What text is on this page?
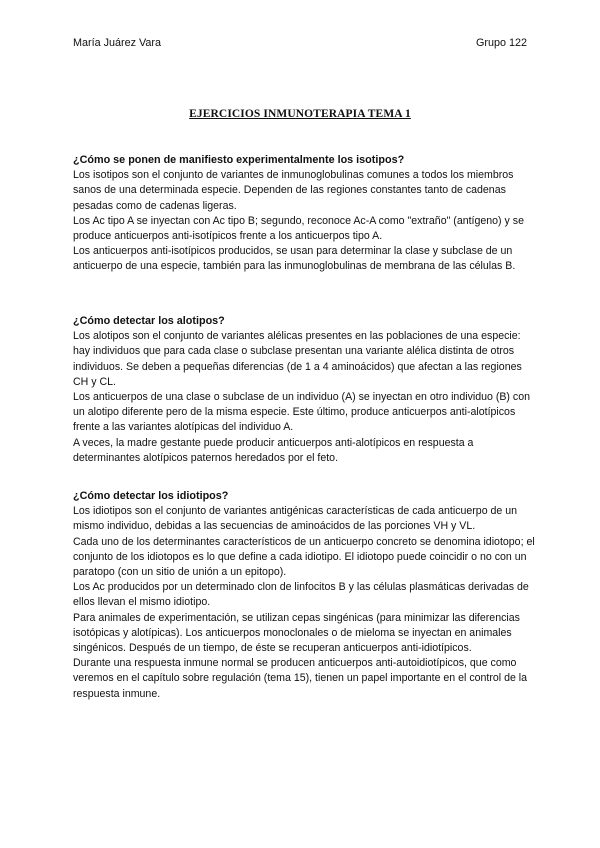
María Juárez Vara	Grupo 122
EJERCICIOS INMUNOTERAPIA TEMA 1

¿Cómo se ponen de manifiesto experimentalmente los isotipos?

Los isotipos son el conjunto de variantes de inmunoglobulinas comunes a todos los miembros sanos de una determinada especie. Dependen de las regiones constantes tanto de cadenas pesadas como de cadenas ligeras.

Los Ac tipo A se inyectan con Ac tipo B; segundo, reconoce Ac-A como "extraño" (antígeno) y se produce anticuerpos anti-isotípicos frente a los anticuerpos tipo A.

Los anticuerpos anti-isotípicos producidos, se usan para determinar la clase y subclase de un anticuerpo de una especie, también para las inmunoglobulinas de membrana de las células B.

¿Cómo detectar los alotipos?

Los alotipos son el conjunto de variantes alélicas presentes en las poblaciones de una especie: hay individuos que para cada clase o subclase presentan una variante alélica distinta de otros individuos. Se deben a pequeñas diferencias (de 1 a 4 aminoácidos) que afectan a las regiones CH y CL.

Los anticuerpos de una clase o subclase de un individuo (A) se inyectan en otro individuo (B) con un alotipo diferente pero de la misma especie. Este último, produce anticuerpos anti-alotípicos frente a las variantes alotípicas del individuo A.

A veces, la madre gestante puede producir anticuerpos anti-alotípicos en respuesta a determinantes alotípicos paternos heredados por el feto.

¿Cómo detectar los idiotipos?

Los idiotipos son el conjunto de variantes antigénicas características de cada anticuerpo de un mismo individuo, debidas a las secuencias de aminoácidos de las porciones VH y VL.

Cada uno de los determinantes característicos de un anticuerpo concreto se denomina idiotopo; el conjunto de los idiotopos es lo que define a cada idiotipo. El idiotopo puede coincidir o no con un paratopo (con un sitio de unión a un epitopo).

Los Ac producidos por un determinado clon de linfocitos B y las células plasmáticas derivadas de ellos llevan el mismo idiotipo.

Para animales de experimentación, se utilizan cepas singénicas (para minimizar las diferencias isotópicas y alotípicas). Los anticuerpos monoclonales o de mieloma se inyectan en animales singénicos. Después de un tiempo, de éste se recuperan anticuerpos anti-idiotípicos.

Durante una respuesta inmune normal se producen anticuerpos anti-autoidiotípicos, que como veremos en el capítulo sobre regulación (tema 15), tienen un papel importante en el control de la respuesta inmune.
